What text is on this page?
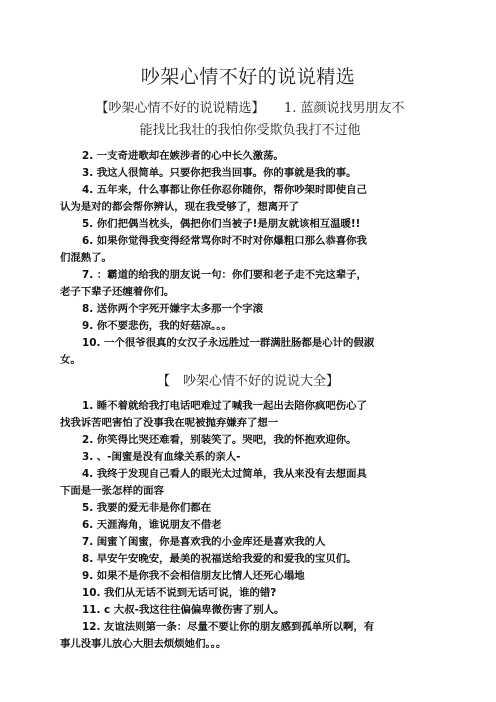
吵架心情不好的说说精选
【吵架心情不好的说说精选】　　1. 蓝颜说找男朋友不
能找比我壮的我怕你受欺负我打不过他
2. 一支奇进歌却在嫉涉者的心中长久激荡。
3. 我这人很简单。只要你把我当回事。你的事就是我的事。
4. 五年来，什么事都让你任你忍你随你，帮你吵架时即使自己
认为是对的都会帮你辨认，现在我受够了，想离开了
5. 你们把偶当枕头，偶把你们当被子!是朋友就该相互温暖!!
6. 如果你觉得我变得经常骂你时不时对你爆粗口那么恭喜你我
们混熟了。
7. ：霸道的给我的朋友说一句：你们要和老子走不完这辈子，
老子下辈子还缠着你们。
8. 送你两个字死开嫌字太多那一个字滚
9. 你不要悲伤，我的好菇凉。。。
10. 一个很爷很真的女汉子永远胜过一群满肚肠都是心计的假淑
女。
【　吵架心情不好的说说大全】
1. 睡不着就给我打电话吧难过了喊我一起出去陪你疯吧伤心了
找我诉苦吧害怕了没事我在呢被抛弃嫌弃了想一
2. 你笑得比哭还难看，别装笑了。哭吧，我的怀抱欢迎你。
3. 、-闺蜜是没有血缘关系的亲人-
4. 我终于发现自己看人的眼光太过简单，我从来没有去想面具
下面是一张怎样的面容
5. 我要的爱无非是你们都在
6. 天涯海角，谁说朋友不借老
7. 闺蜜丫闺蜜，你是喜欢我的小金库还是喜欢我的人
8. 早安午安晚安，最美的祝福送给我爱的和爱我的宝贝们。
9. 如果不是你我不会相信朋友比情人还死心塌地
10. 我们从无话不说到无话可说，谁的错?
11. c 大叔-我这往往偏偏卑微伤害了别人。
12. 友谊法则第一条：尽量不要让你的朋友感到孤单所以啊，有
事儿没事儿放心大胆去烦烦她们。。。
